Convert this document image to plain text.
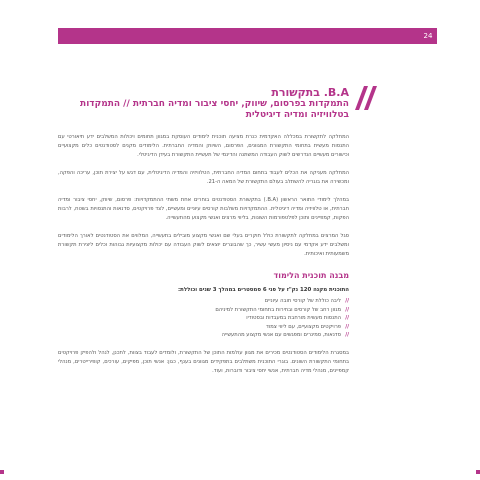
24
B.A. בתקשורת
התמקדות בפרסום, שיווק, יחסי ציבור ומדיה חברתית // התמקדות בטלוויזיה ומדיה דיגיטלית

המחלקה לתקשורת במכללה האקדמית כנרת מציעה תוכנית לימודים העוסקת במגוון תחומים ויכולות המשלבים ידע תיאורטי עם התנסות מעשית בתחומי התקשורת המגוונים, הפרסום, השיווק והמדיה החברתית. הלימודים מקנים לסטודנטים כלים מקצועיים וכישורים מעשיים הנדרשים לשוק העבודה המשתנה והדינמי של תעשיית התקשורת בעידן הדיגיטלי.

המחלקה מעניקה את הכלים לעבוד בתחום המדיה החברתית, הטלוויזיה והמדיה הדיגיטלית, עם דגש על יצירת תוכן, עריכה והפקה, ומכשירה את בוגריה להשתלב בעולם התקשורת של המאה ה-21.

במהלך לימודי התואר הראשון (B.A.) בתקשורת הסטודנטים בוחרים אחת משתי ההתמקדויות: פרסום, שיווק, יחסי ציבור ומדיה חברתית, או טלוויזיה ומדיה דיגיטלית. ההתמקדויות משלבות קורסים עיוניים ומעשיים, לצד פרויקטים, סדנאות והתנסויות בשטח, לרבות הפקות, קמפיינים ותוכן לפלטפורמות השונות, בליווי מרצים ואנשי מקצוע מהתעשייה.

סגל המרצים במחלקה לתקשורת כולל חוקרים בעלי שם ואנשי מקצוע מובילים בתעשייה, המלווים את הסטודנטים לאורך הלימודים ומשלבים ידע אקדמי עם ניסיון מעשי עשיר, כך שהבוגרים יוצאים לשוק העבודה עם יכולות מקצועיות גבוהות וכלים ליצירת תקשורת משמעותית ואיכותית.

מבנה תוכנית הלימוד

התוכנית מקנה 120 נק"ז על פני 6 סמסטרים במהלך 3 שנים וכוללת:

//
ליבה כוללת של קורסי חובה עיוניים
//
מגוון רחב של קורסים ובחירות בתחומי התקשורת למיניהם
//
התנסות מעשית מורחבת במעבדות ובסטודיו
//
פרויקטים מקצועיים, עם ליווי צמוד
//
סדנאות, סמינרים ומפגשים עם אנשי מקצוע מהתעשייה

במסגרת הלימודים הסטודנטים מכירים את מגוון עולמות התוכן של התקשורת, ולומדים לעבוד בצוות, לתכנן, לנהל ולהפיק פרויקטים בתחומי התקשורת השונים. בוגרי התוכנית משתלבים בתפקידים מגוונים בענף, כגון: אנשי תוכן, מפיקים, עורכים, קופירייטרים, מנהלי קמפיינים, מנהלי מדיה חברתית, אנשי יחסי ציבור ודוברות, ועוד.
